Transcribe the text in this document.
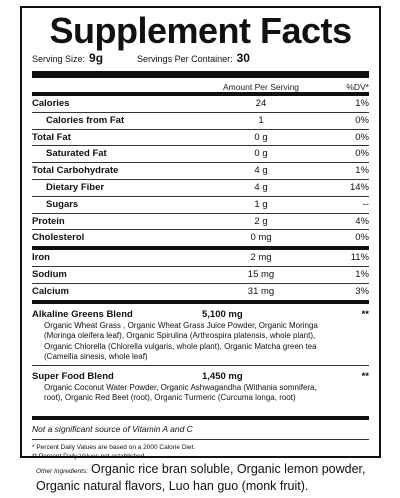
Supplement Facts
Serving Size: 9g	Servings Per Container: 30
Amount Per Serving	%DV*
Calories	24	1%
Calories from Fat	1	0%
Total Fat	0 g	0%
Saturated Fat	0 g	0%
Total Carbohydrate	4 g	1%
Dietary Fiber	4 g	14%
Sugars	1 g	--
Protein	2 g	4%
Cholesterol	0 mg	0%
Iron	2 mg	11%
Sodium	15 mg	1%
Calcium	31 mg	3%
Alkaline Greens Blend	5,100 mg	**
Organic Wheat Grass , Organic Wheat Grass Juice Powder, Organic Moringa (Moringa oleifera leaf), Organic Spirulina (Arthrospira platensis, whole plant), Organic Chlorella (Chlorella vulgaris, whole plant), Organic Matcha green tea (Camellia sinesis, whole leaf)
Super Food Blend	1,450 mg	**
Organic Coconut Water Powder, Organic Ashwagandha (Withania somnifera, root), Organic Red Beet (root), Organic Turmeric (Curcuma longa, root)
Not a significant source of Vitamin A and C
* Percent Daily Values are based on a 2000 Calorie Diet.
** Percent Daily Values not established
Other Ingredients: Organic rice bran soluble, Organic lemon powder, Organic natural flavors, Luo han guo (monk fruit).
